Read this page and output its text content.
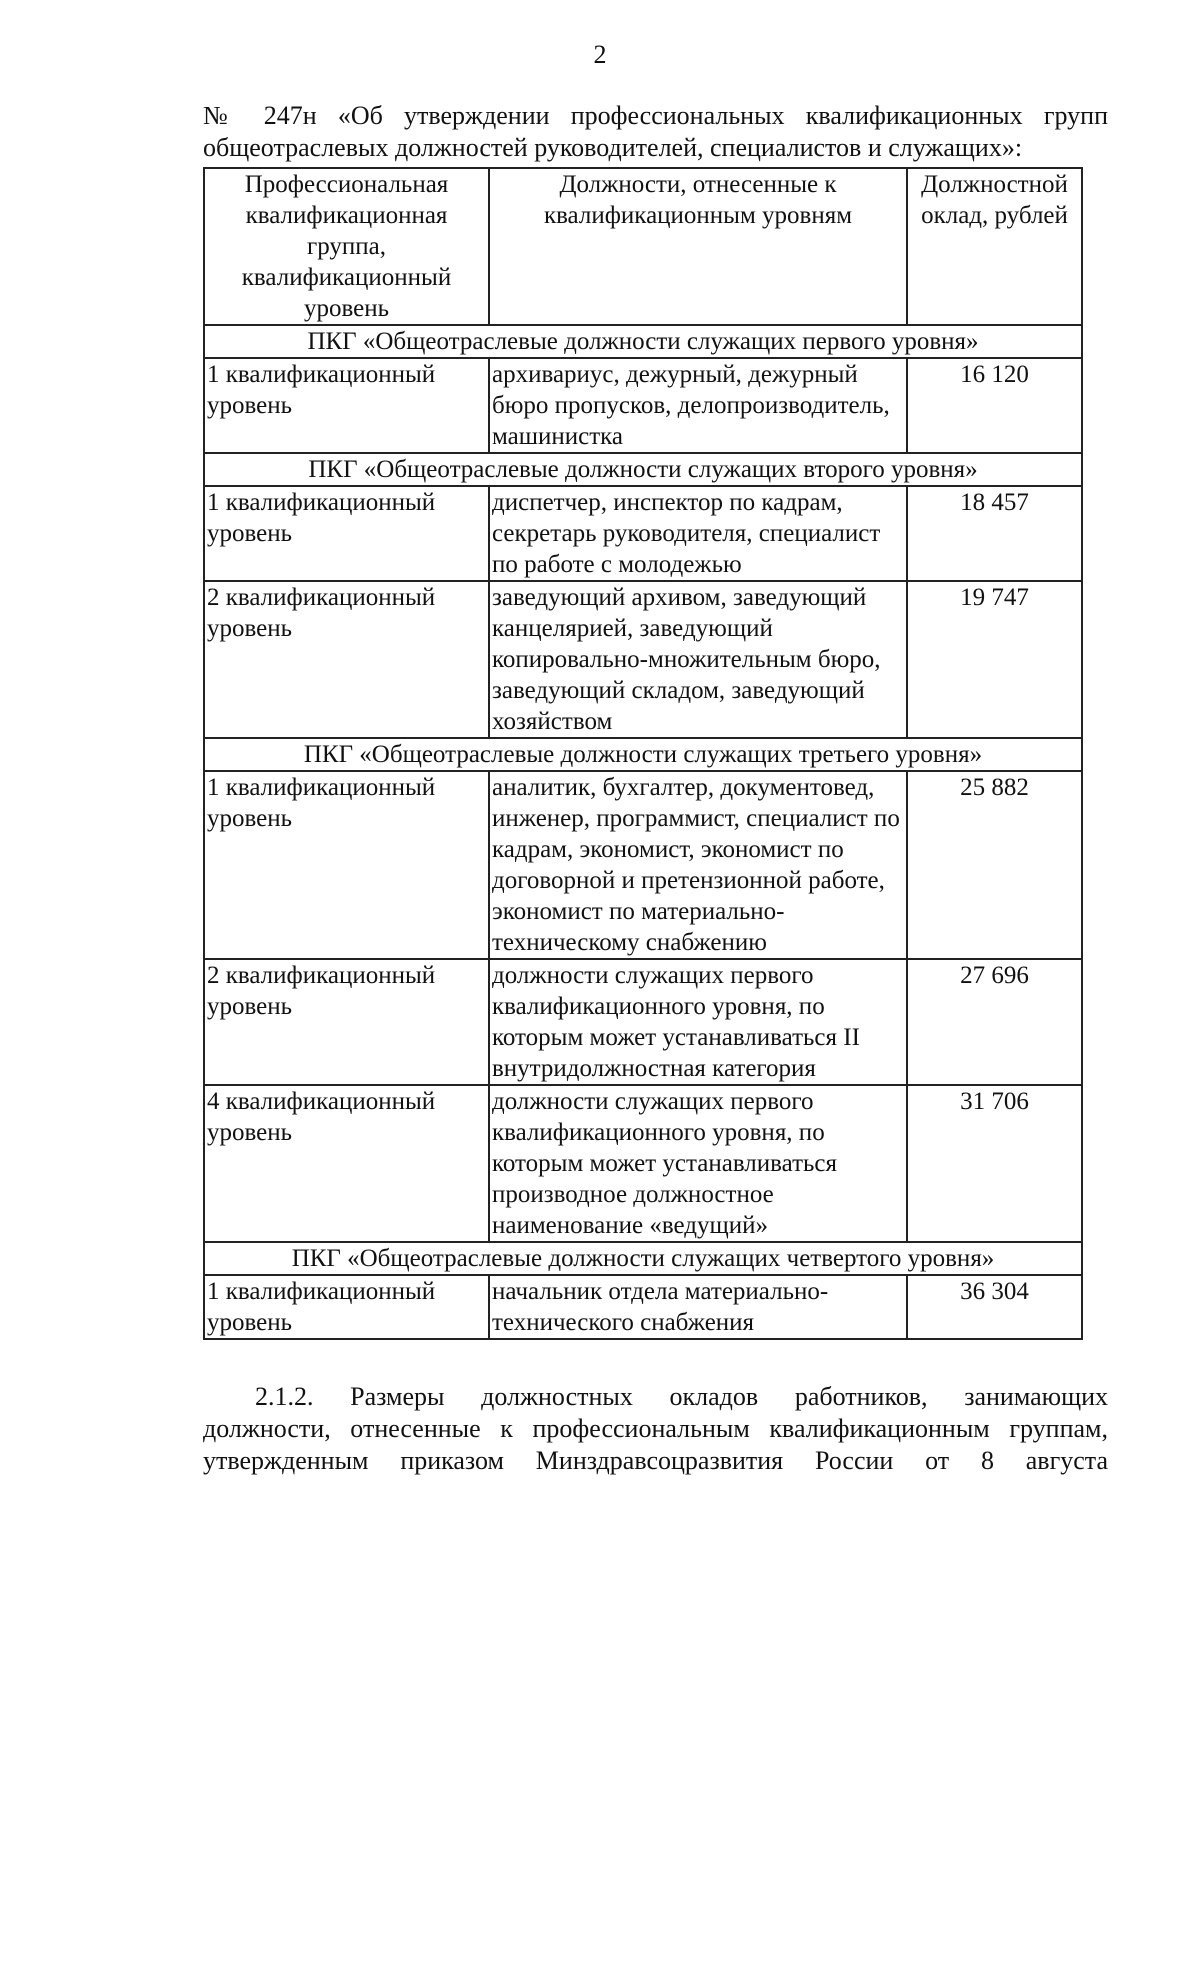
2
№ 247н «Об утверждении профессиональных квалификационных групп
общеотраслевых должностей руководителей, специалистов и служащих»:
Профессиональная квалификационная группа, квалификационный уровень	Должности, отнесенные к квалификационным уровням	Должностной оклад, рублей
ПКГ «Общеотраслевые должности служащих первого уровня»		
1 квалификационный уровень	архивариус, дежурный, дежурный бюро пропусков, делопроизводитель, машинистка	16 120
ПКГ «Общеотраслевые должности служащих второго уровня»		
1 квалификационный уровень	диспетчер, инспектор по кадрам, секретарь руководителя, специалист по работе с молодежью	18 457
2 квалификационный уровень	заведующий архивом, заведующий канцелярией, заведующий копировально-множительным бюро, заведующий складом, заведующий хозяйством	19 747
ПКГ «Общеотраслевые должности служащих третьего уровня»		
1 квалификационный уровень	аналитик, бухгалтер, документовед, инженер, программист, специалист по кадрам, экономист, экономист по договорной и претензионной работе, экономист по материально-техническому снабжению	25 882
2 квалификационный уровень	должности служащих первого квалификационного уровня, по которым может устанавливаться II внутридолжностная категория	27 696
4 квалификационный уровень	должности служащих первого квалификационного уровня, по которым может устанавливаться производное должностное наименование «ведущий»	31 706
ПКГ «Общеотраслевые должности служащих четвертого уровня»		
1 квалификационный уровень	начальник отдела материально-технического снабжения	36 304
2.1.2. Размеры должностных окладов работников, занимающих
должности, отнесенные к профессиональным квалификационным группам,
утвержденным приказом Минздравсоцразвития России от 8 августа
